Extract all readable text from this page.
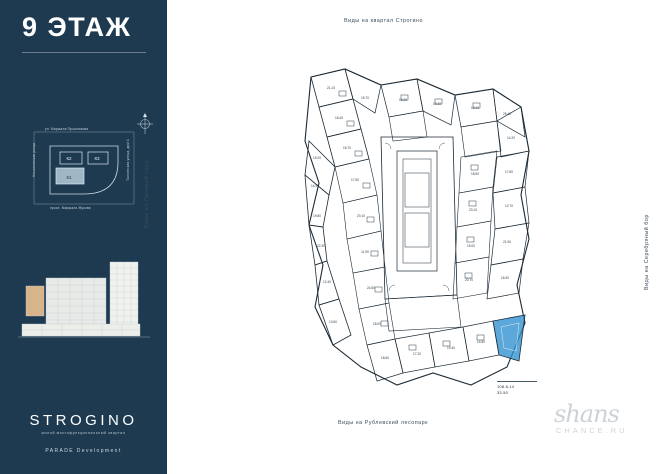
9 ЭТАЖ
К2	К3
К1
ул. Маршала Прошлякова
просп. Маршала Жукова
Неклиновская улица	Таллинская улица, дом 1
STROGINO
жилой многофункциональный квартал
PARADE Development
Виды на квартал Строгино
Виды на Рублевский лесопарк
Виды на Липовый пруд
Виды на Серебряный бор
21.10
18.40
16.70
15.20
14.90
19.80
22.30
12.40
13.60
17.50
20.10
11.90
24.60
18.00
15.70	16.20
19.30
13.10
25.40
14.20
17.80
12.70
21.90
16.50
18.90
23.10
15.00
20.70
18.60
17.20
19.40
14.80
108.8,14
33.50
shans
CHANCE.RU
